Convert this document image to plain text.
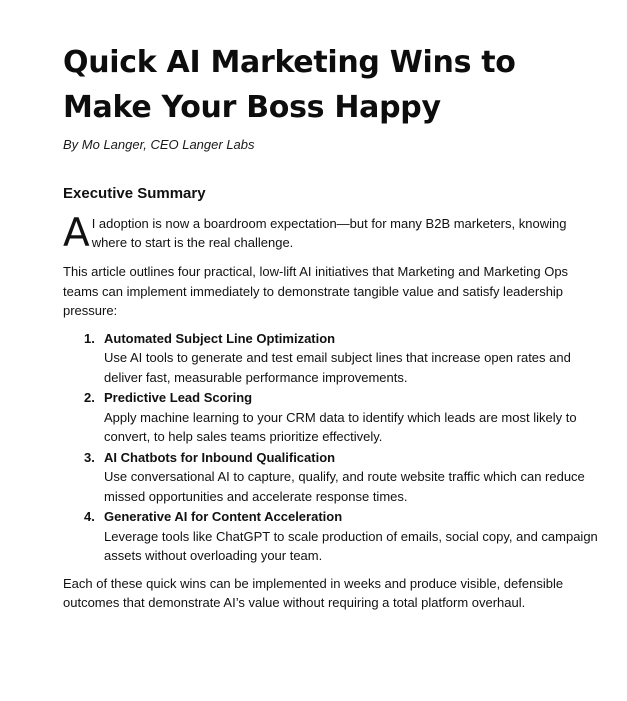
Quick AI Marketing Wins to Make Your Boss Happy

By Mo Langer, CEO Langer Labs

Executive Summary

A I adoption is now a boardroom expectation—but for many B2B marketers, knowing where to start is the real challenge.

This article outlines four practical, low-lift AI initiatives that Marketing and Marketing Ops teams can implement immediately to demonstrate tangible value and satisfy leadership pressure:

1. Automated Subject Line Optimization
Use AI tools to generate and test email subject lines that increase open rates and deliver fast, measurable performance improvements.
2. Predictive Lead Scoring
Apply machine learning to your CRM data to identify which leads are most likely to convert, to help sales teams prioritize effectively.
3. AI Chatbots for Inbound Qualification
Use conversational AI to capture, qualify, and route website traffic which can reduce missed opportunities and accelerate response times.
4. Generative AI for Content Acceleration
Leverage tools like ChatGPT to scale production of emails, social copy, and campaign assets without overloading your team.

Each of these quick wins can be implemented in weeks and produce visible, defensible outcomes that demonstrate AI’s value without requiring a total platform overhaul.
